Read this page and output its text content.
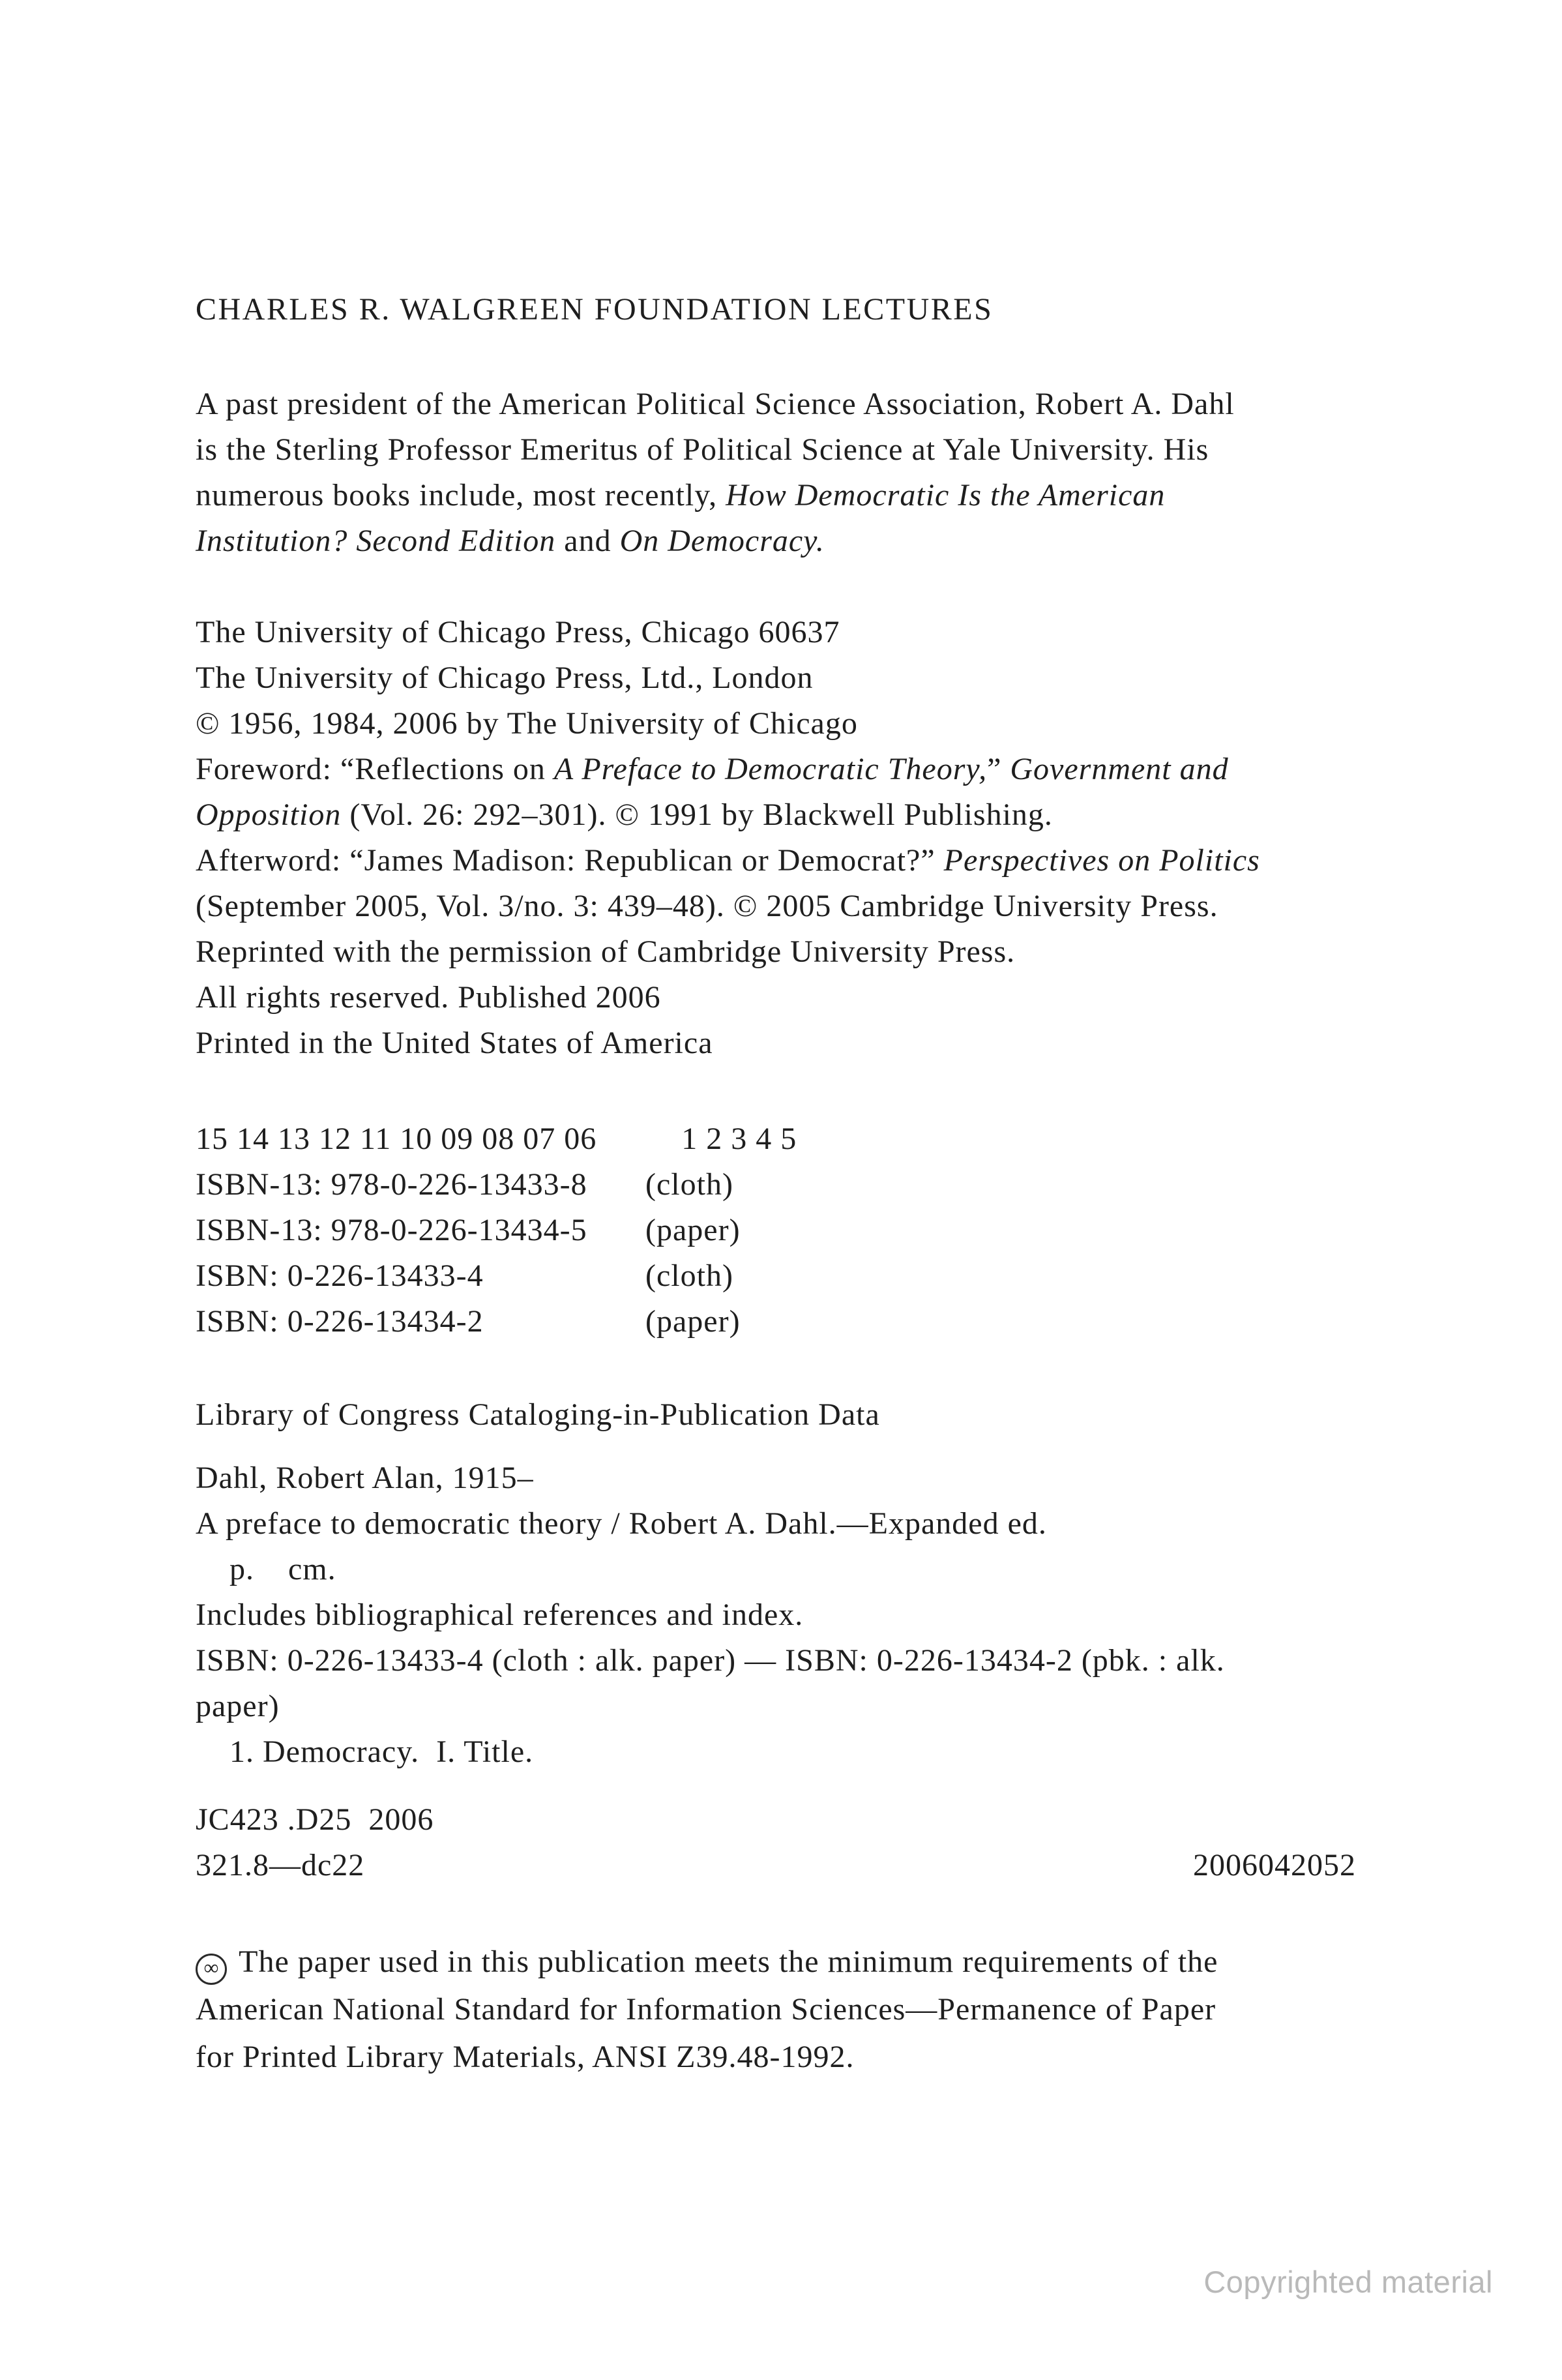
CHARLES R. WALGREEN FOUNDATION LECTURES
A past president of the American Political Science Association, Robert A. Dahl
is the Sterling Professor Emeritus of Political Science at Yale University. His
numerous books include, most recently, How Democratic Is the American
Institution? Second Edition and On Democracy.
The University of Chicago Press, Chicago 60637
The University of Chicago Press, Ltd., London
© 1956, 1984, 2006 by The University of Chicago
Foreword: “Reflections on A Preface to Democratic Theory,” Government and
Opposition (Vol. 26: 292–301). © 1991 by Blackwell Publishing.
Afterword: “James Madison: Republican or Democrat?” Perspectives on Politics
(September 2005, Vol. 3/no. 3: 439–48). © 2005 Cambridge University Press.
Reprinted with the permission of Cambridge University Press.
All rights reserved. Published 2006
Printed in the United States of America
15 14 13 12 11 10 09 08 07 06          1 2 3 4 5
ISBN-13: 978-0-226-13433-8 (cloth)
ISBN-13: 978-0-226-13434-5 (paper)
ISBN: 0-226-13433-4	(cloth)
ISBN: 0-226-13434-2	(paper)
Library of Congress Cataloging-in-Publication Data
Dahl, Robert Alan, 1915–
A preface to democratic theory / Robert A. Dahl.—Expanded ed.
p.    cm.
Includes bibliographical references and index.
ISBN: 0-226-13433-4 (cloth : alk. paper) — ISBN: 0-226-13434-2 (pbk. : alk.
paper)
1. Democracy.  I. Title.
JC423 .D25  2006
321.8—dc22	2006042052
∞ The paper used in this publication meets the minimum requirements of the
American National Standard for Information Sciences—Permanence of Paper
for Printed Library Materials, ANSI Z39.48-1992.
Copyrighted material
